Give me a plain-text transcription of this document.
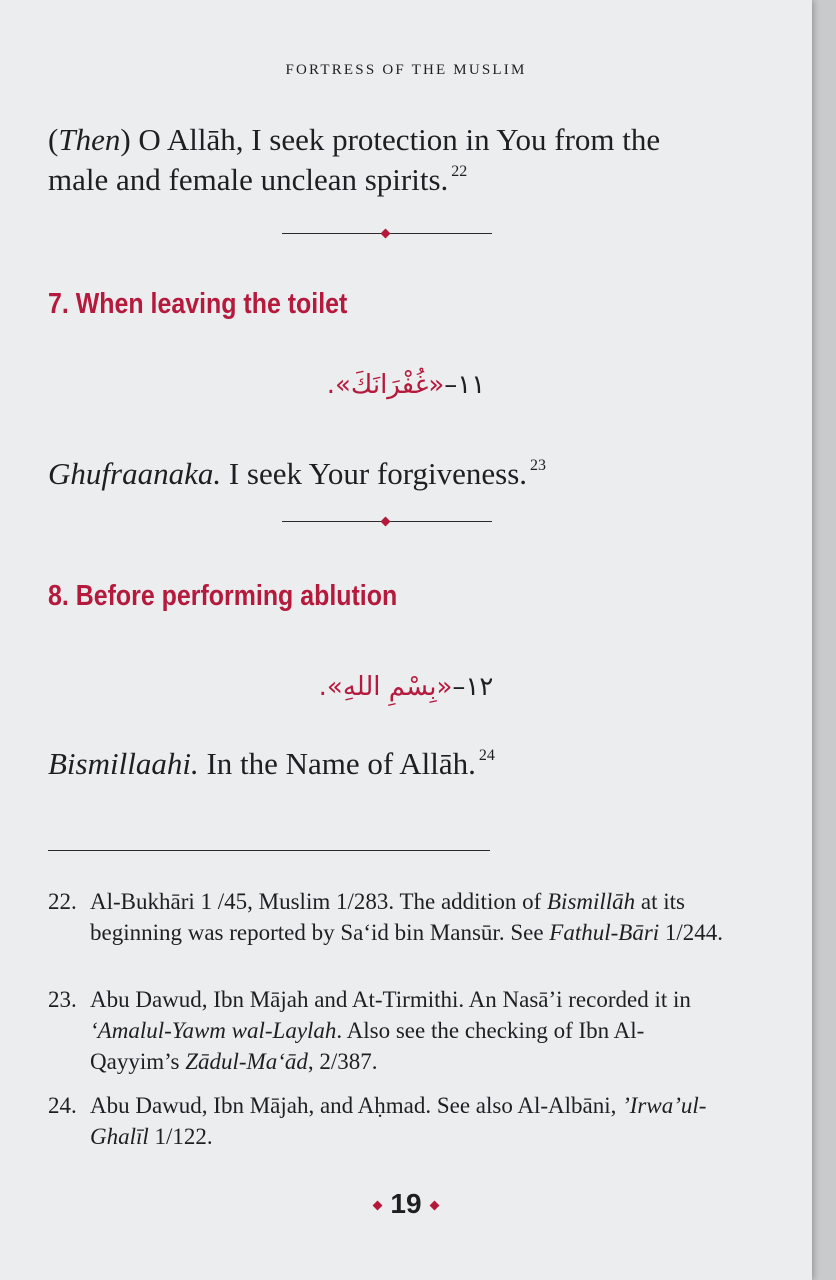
FORTRESS OF THE MUSLIM
(Then) O Allāh, I seek protection in You from the male and female unclean spirits. $^{22}$
7. When leaving the toilet
١١–«غُفْرَانَكَ».
Ghufraanaka. I seek Your forgiveness. $^{23}$
8. Before performing ablution
١٢–«بِسْمِ اللهِ».
Bismillaahi. In the Name of Allāh. $^{24}$
22. Al-Bukhāri 1 /45, Muslim 1/283. The addition of Bismillāh at its beginning was reported by Sa‘id bin Mansūr. See Fathul-Bāri 1/244.
23. Abu Dawud, Ibn Mājah and At-Tirmithi. An Nasā’i recorded it in ‘Amalul-Yawm wal-Laylah. Also see the checking of Ibn Al-Qayyim’s Zādul-Ma‘ād, 2/387.
24. Abu Dawud, Ibn Mājah, and Aḥmad. See also Al-Albāni, ’Irwa’ul-Ghalīl 1/122.
19
